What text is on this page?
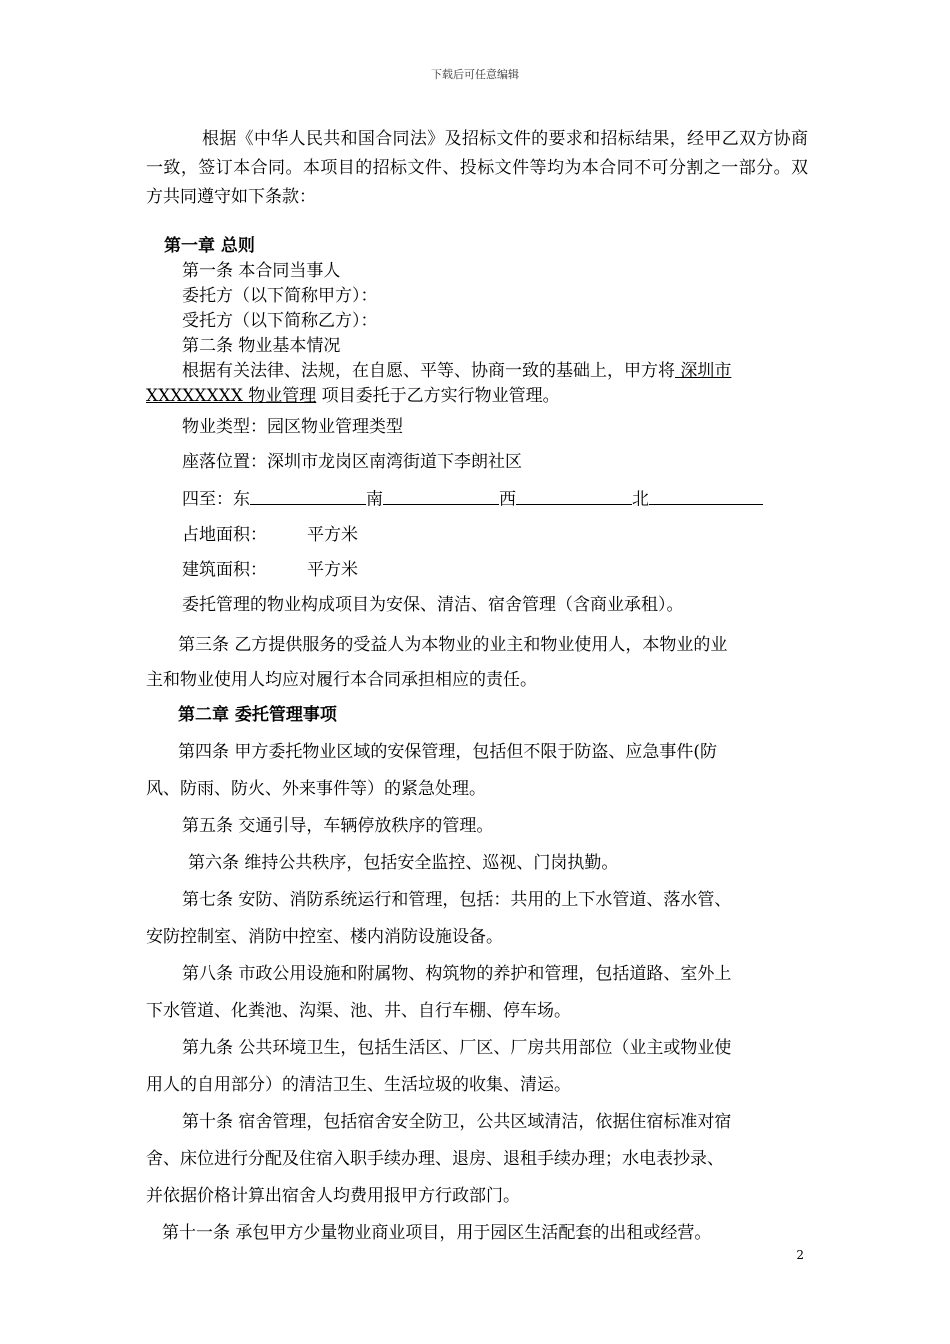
下载后可任意编辑

根据《中华人民共和国合同法》及招标文件的要求和招标结果，经甲乙双方协商一致，签订本合同。本项目的招标文件、投标文件等均为本合同不可分割之一部分。双方共同遵守如下条款：

第一章 总则

第一条 本合同当事人

委托方（以下简称甲方）：

受托方（以下简称乙方）：

第二条 物业基本情况

根据有关法律、法规，在自愿、平等、协商一致的基础上，甲方将 深圳市
XXXXXXXX 物业管理 项目委托于乙方实行物业管理。

物业类型：园区物业管理类型

座落位置：深圳市龙岗区南湾街道下李朗社区

四至：东	南	西	北

占地面积： 平方米

建筑面积： 平方米

委托管理的物业构成项目为安保、清洁、宿舍管理（含商业承租）。

第三条 乙方提供服务的受益人为本物业的业主和物业使用人，本物业的业

主和物业使用人均应对履行本合同承担相应的责任。

第二章 委托管理事项

第四条 甲方委托物业区域的安保管理，包括但不限于防盗、应急事件(防

风、防雨、防火、外来事件等）的紧急处理。

第五条 交通引导，车辆停放秩序的管理。

第六条 维持公共秩序，包括安全监控、巡视、门岗执勤。

第七条 安防、消防系统运行和管理，包括：共用的上下水管道、落水管、

安防控制室、消防中控室、楼内消防设施设备。

第八条 市政公用设施和附属物、构筑物的养护和管理，包括道路、室外上

下水管道、化粪池、沟渠、池、井、自行车棚、停车场。

第九条 公共环境卫生，包括生活区、厂区、厂房共用部位（业主或物业使

用人的自用部分）的清洁卫生、生活垃圾的收集、清运。

第十条 宿舍管理，包括宿舍安全防卫，公共区域清洁，依据住宿标准对宿

舍、床位进行分配及住宿入职手续办理、退房、退租手续办理；水电表抄录、

并依据价格计算出宿舍人均费用报甲方行政部门。

第十一条 承包甲方少量物业商业项目，用于园区生活配套的出租或经营。

2
